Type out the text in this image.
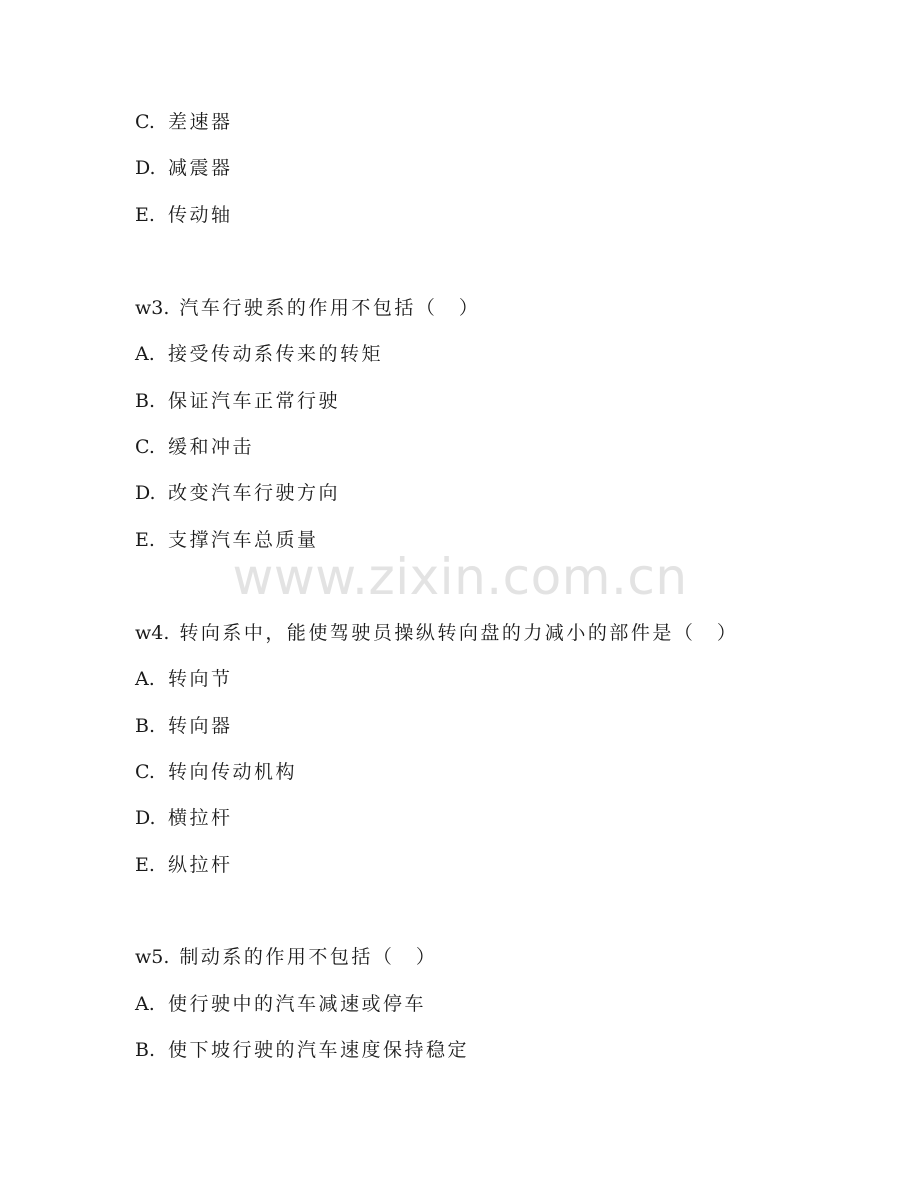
www.zixin.com.cn
C. 差速器
D. 减震器
E. 传动轴
w3. 汽车行驶系的作用不包括（　）
A. 接受传动系传来的转矩
B. 保证汽车正常行驶
C. 缓和冲击
D. 改变汽车行驶方向
E. 支撑汽车总质量
w4. 转向系中，能使驾驶员操纵转向盘的力减小的部件是（　）
A. 转向节
B. 转向器
C. 转向传动机构
D. 横拉杆
E. 纵拉杆
w5. 制动系的作用不包括（　）
A. 使行驶中的汽车减速或停车
B. 使下坡行驶的汽车速度保持稳定
